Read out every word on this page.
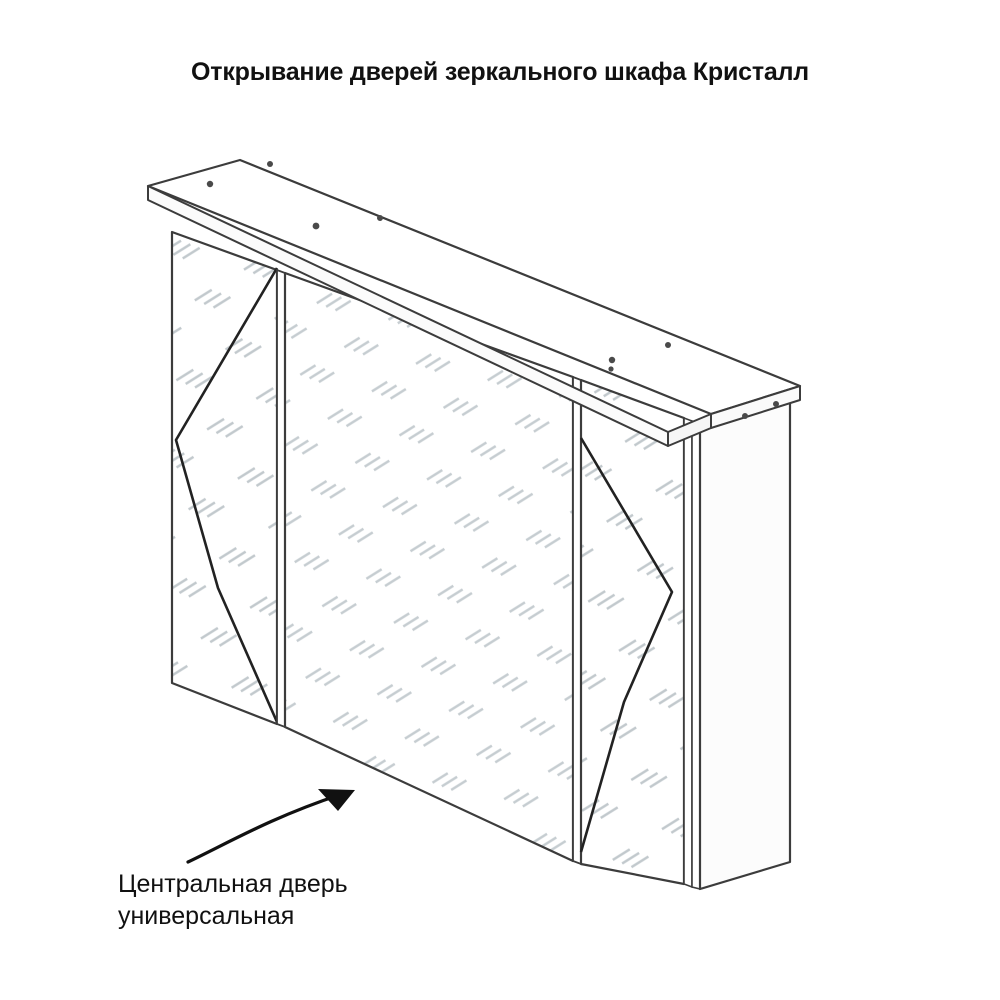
Открывание дверей зеркального шкафа Кристалл
Центральная дверь
универсальная
